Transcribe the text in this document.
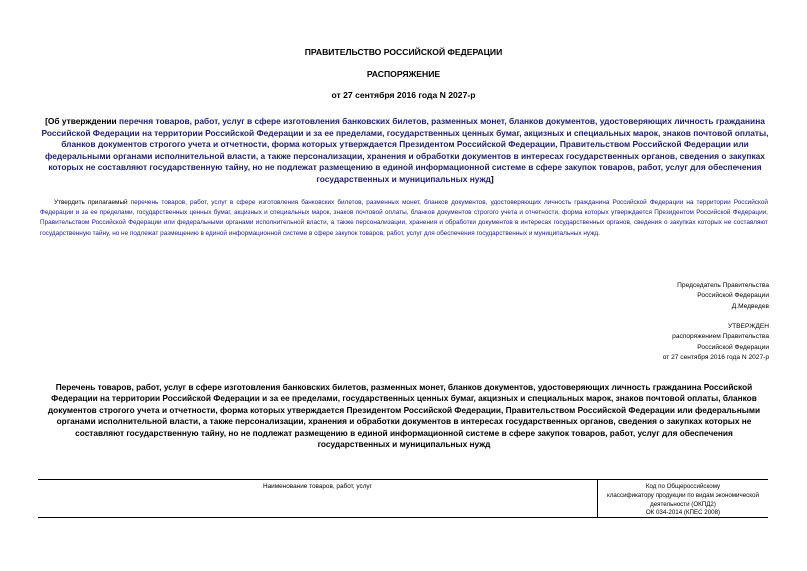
ПРАВИТЕЛЬСТВО РОССИЙСКОЙ ФЕДЕРАЦИИ
РАСПОРЯЖЕНИЕ
от 27 сентября 2016 года N 2027-р
[Об утверждении перечня товаров, работ, услуг в сфере изготовления банковских билетов, разменных монет, бланков документов, удостоверяющих личность гражданина Российской Федерации на территории Российской Федерации и за ее пределами, государственных ценных бумаг, акцизных и специальных марок, знаков почтовой оплаты, бланков документов строгого учета и отчетности, форма которых утверждается Президентом Российской Федерации, Правительством Российской Федерации или федеральными органами исполнительной власти, а также персонализации, хранения и обработки документов в интересах государственных органов, сведения о закупках которых не составляют государственную тайну, но не подлежат размещению в единой информационной системе в сфере закупок товаров, работ, услуг для обеспечения государственных и муниципальных нужд]
Утвердить прилагаемый перечень товаров, работ, услуг в сфере изготовления банковских билетов, разменных монет, бланков документов, удостоверяющих личность гражданина Российской Федерации на территории Российской Федерации и за ее пределами, государственных ценных бумаг, акцизных и специальных марок, знаков почтовой оплаты, бланков документов строгого учета и отчетности, форма которых утверждается Президентом Российской Федерации, Правительством Российской Федерации или федеральными органами исполнительной власти, а также персонализации, хранения и обработки документов в интересах государственных органов, сведения о закупках которых не составляют государственную тайну, но не подлежат размещению в единой информационной системе в сфере закупок товаров, работ, услуг для обеспечения государственных и муниципальных нужд.
Председатель Правительства
Российской Федерации
Д.Медведев
УТВЕРЖДЕН
распоряжением Правительства
Российской Федерации
от 27 сентября 2016 года N 2027-р
Перечень товаров, работ, услуг в сфере изготовления банковских билетов, разменных монет, бланков документов, удостоверяющих личность гражданина Российской Федерации на территории Российской Федерации и за ее пределами, государственных ценных бумаг, акцизных и специальных марок, знаков почтовой оплаты, бланков документов строгого учета и отчетности, форма которых утверждается Президентом Российской Федерации, Правительством Российской Федерации или федеральными органами исполнительной власти, а также персонализации, хранения и обработки документов в интересах государственных органов, сведения о закупках которых не составляют государственную тайну, но не подлежат размещению в единой информационной системе в сфере закупок товаров, работ, услуг для обеспечения государственных и муниципальных нужд
Наименование товаров, работ, услуг	Код по Общероссийскому
классификатору продукции по видам экономической
деятельности (ОКПД2)
ОК 034-2014 (КПЕС 2008)
